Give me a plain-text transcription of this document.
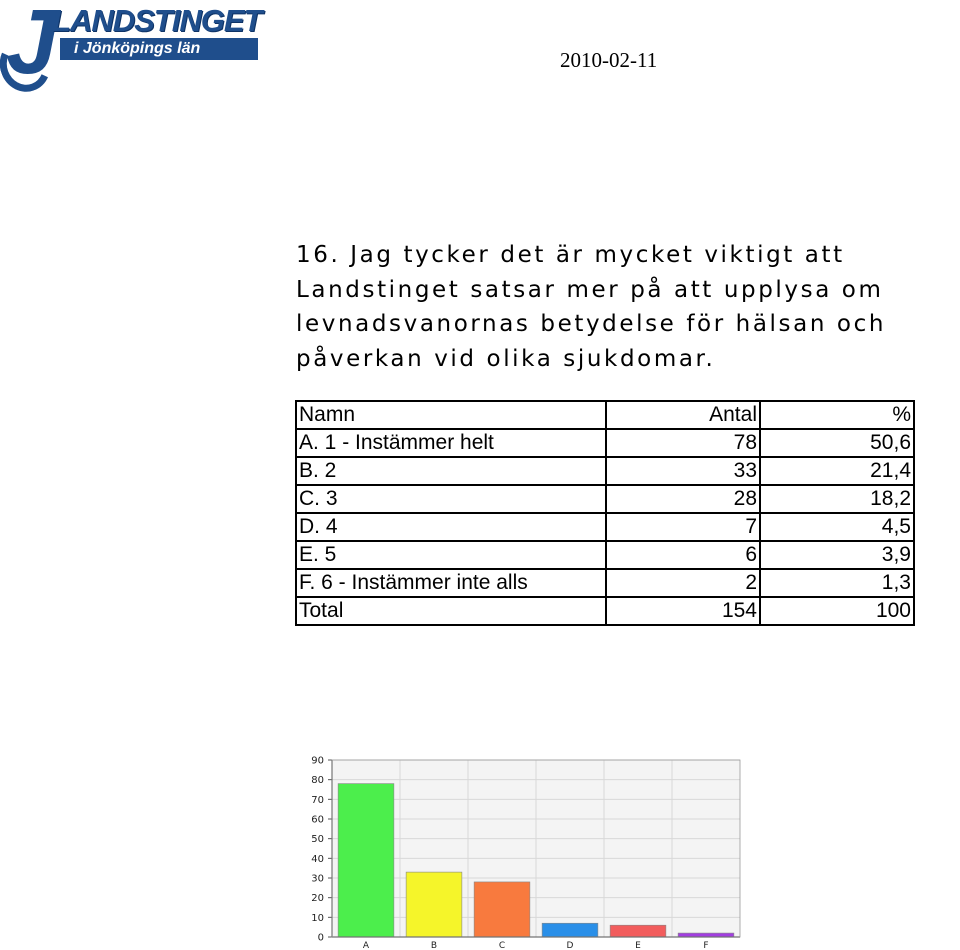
J
LANDSTINGET
i Jönköpings län	2010-02-11
16. Jag tycker det är mycket viktigt att
Landstinget satsar mer på att upplysa om
levnadsvanornas betydelse för hälsan och
påverkan vid olika sjukdomar.
Namn	Antal	%
A. 1 - Instämmer helt	78	50,6
B. 2	33	21,4
C. 3	28	18,2
D. 4	7	4,5
E. 5	6	3,9
F. 6 - Instämmer inte alls	2	1,3
Total	154	100
0
10
20
30
40
50
60
70
80
90
A	B	C	D	E	F
